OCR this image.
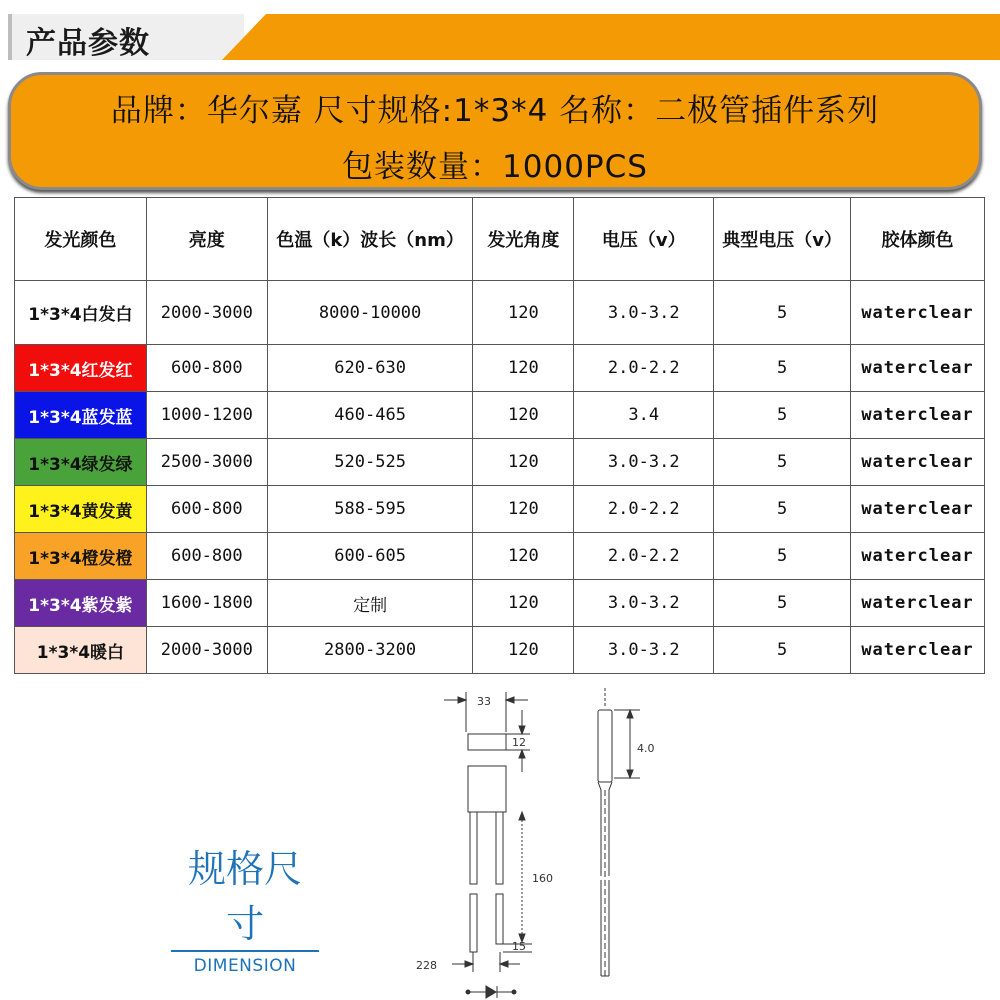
产品参数
品牌：华尔嘉 尺寸规格:1*3*4 名称：二极管插件系列
包装数量：1000PCS
发光颜色	亮度	色温（k）波长（nm）	发光角度	电压（v）	典型电压（v）	胶体颜色
1*3*4白发白	2000-3000	8000-10000	120	3.0-3.2	5	waterclear
1*3*4红发红	600-800	620-630	120	2.0-2.2	5	waterclear
1*3*4蓝发蓝	1000-1200	460-465	120	3.4	5	waterclear
1*3*4绿发绿	2500-3000	520-525	120	3.0-3.2	5	waterclear
1*3*4黄发黄	600-800	588-595	120	2.0-2.2	5	waterclear
1*3*4橙发橙	600-800	600-605	120	2.0-2.2	5	waterclear
1*3*4紫发紫	1600-1800	定制	120	3.0-3.2	5	waterclear
1*3*4暖白	2000-3000	2800-3200	120	3.0-3.2	5	waterclear
规格尺寸
DIMENSION
33
12
160
15
228
4.0
